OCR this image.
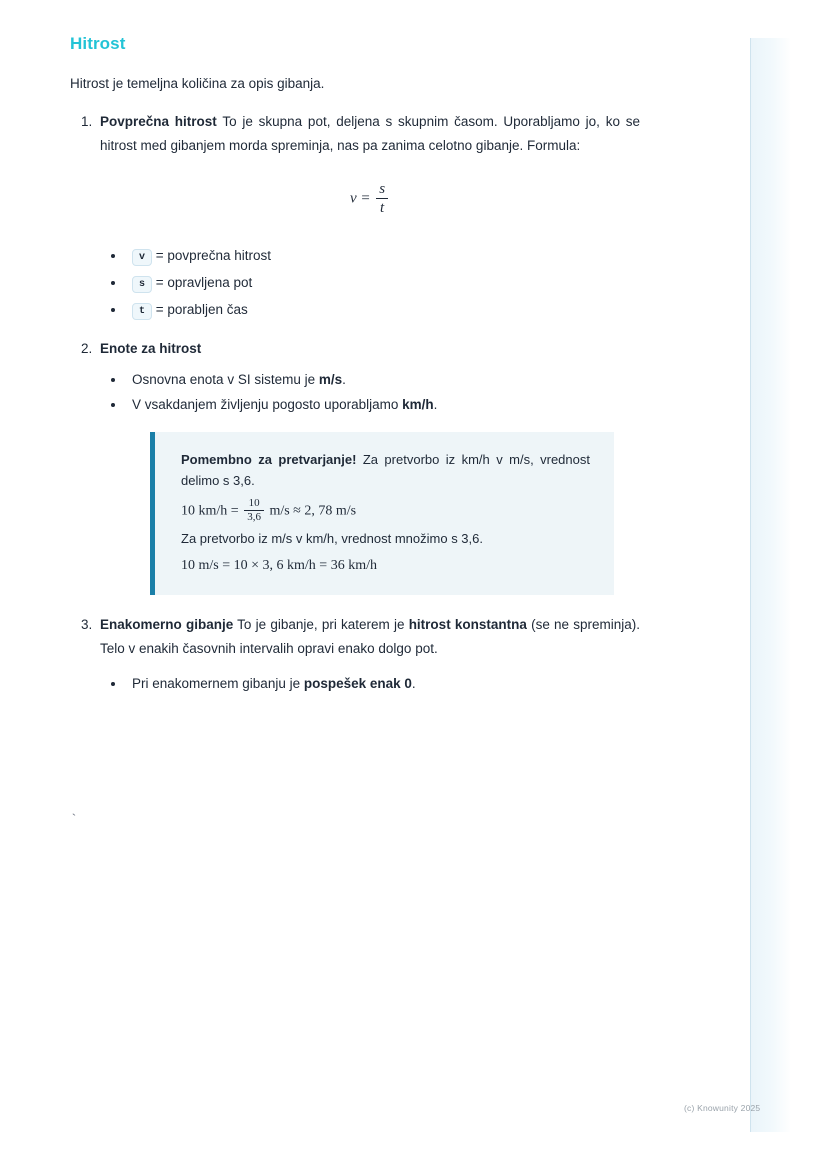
Hitrost

Hitrost je temeljna količina za opis gibanja.

1. Povprečna hitrost To je skupna pot, deljena s skupnim časom. Uporabljamo jo, ko se hitrost med gibanjem morda spreminja, nas pa zanima celotno gibanje. Formula:
$v = \frac{s}{t}$
• v = povprečna hitrost
• s = opravljena pot
• t = porabljen čas
2. Enote za hitrost
• Osnovna enota v SI sistemu je m/s.
• V vsakdanjem življenju pogosto uporabljamo km/h.

Pomembno za pretvarjanje! Za pretvorbo iz km/h v m/s, vrednost delimo s 3,6.

10 $km/h = \frac{10}{3,6} m/s \approx 2$, 78 m/s

Za pretvorbo iz m/s v km/h, vrednost množimo s 3,6.

10 m/s = 10 × 3, 6 km/h = 36 km/h

3. Enakomerno gibanje To je gibanje, pri katerem je hitrost konstantna (se ne spreminja). Telo v enakih časovnih intervalih opravi enako dolgo pot.
• Pri enakomernem gibanju je pospešek enak 0.
`
(c) Knowunity 2025
